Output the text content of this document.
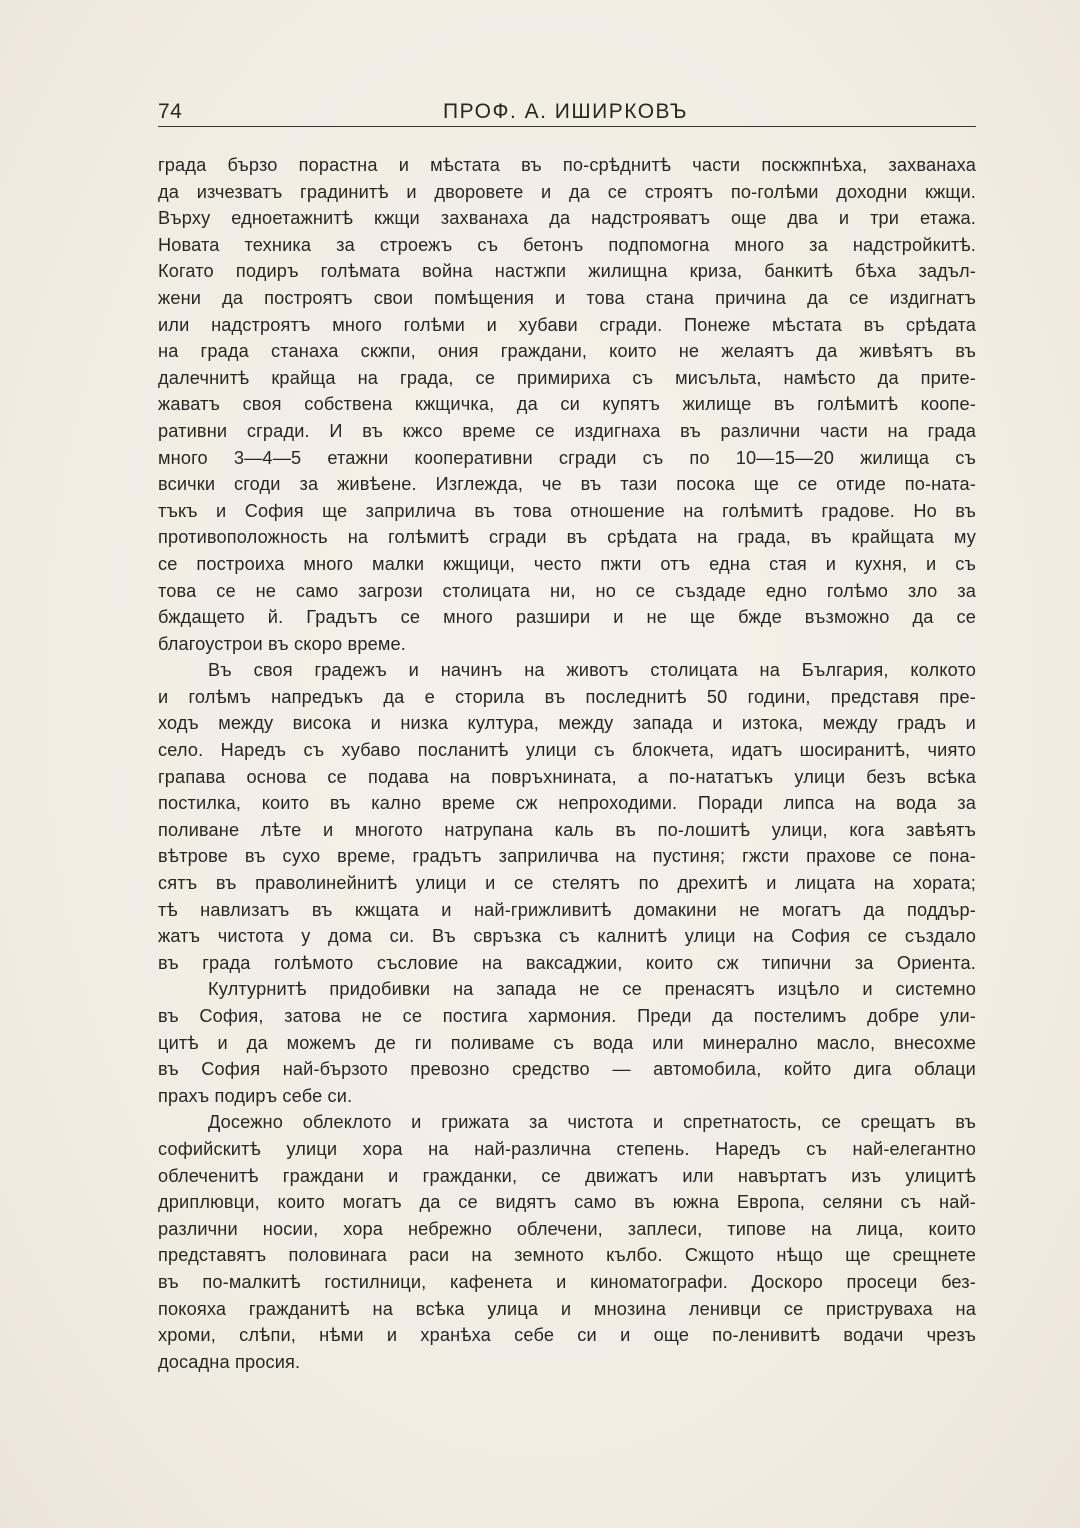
74	ПРОФ. А. ИШИРКОВЪ
града бързо порастна и мѣстата въ по-срѣднитѣ части поскжпнѣха, захванаха
да изчезватъ градинитѣ и дворовете и да се строятъ по-голѣми доходни кжщи.
Върху едноетажнитѣ кжщи захванаха да надстрояватъ още два и три етажа.
Новата техника за строежъ съ бетонъ подпомогна много за надстройкитѣ.
Когато подиръ голѣмата война настжпи жилищна криза, банкитѣ бѣха задъл-
жени да построятъ свои помѣщения и това стана причина да се издигнатъ
или надстроятъ много голѣми и хубави сгради. Понеже мѣстата въ срѣдата
на града станаха скжпи, ония граждани, които не желаятъ да живѣятъ въ
далечнитѣ крайща на града, се примириха съ мисъльта, намѣсто да прите-
жаватъ своя собствена кжщичка, да си купятъ жилище въ голѣмитѣ коопе-
ративни сгради. И въ кжсо време се издигнаха въ различни части на града
много 3—4—5 етажни кооперативни сгради съ по 10—15—20 жилища съ
всички сгоди за живѣене. Изглежда, че въ тази посока ще се отиде по-ната-
тъкъ и София ще заприлича въ това отношение на голѣмитѣ градове. Но въ
противоположность на голѣмитѣ сгради въ срѣдата на града, въ крайщата му
се построиха много малки кжщици, често пжти отъ една стая и кухня, и съ
това се не само загрози столицата ни, но се създаде едно голѣмо зло за
бждащето й. Градътъ се много разшири и не ще бжде възможно да се
благоустрои въ скоро време.
Въ своя градежъ и начинъ на животъ столицата на България, колкото
и голѣмъ напредъкъ да е сторила въ последнитѣ 50 години, представя пре-
ходъ между висока и низка култура, между запада и изтока, между градъ и
село. Наредъ съ хубаво посланитѣ улици съ блокчета, идатъ шосиранитѣ, чиято
грапава основа се подава на повръхнината, а по-нататъкъ улици безъ всѣка
постилка, които въ кално време сж непроходими. Поради липса на вода за
поливане лѣте и многото натрупана каль въ по-лошитѣ улици, кога завѣятъ
вѣтрове въ сухо време, градътъ заприличва на пустиня; гжсти прахове се пона-
сятъ въ праволинейнитѣ улици и се стелятъ по дрехитѣ и лицата на хората;
тѣ навлизатъ въ кжщата и най-грижливитѣ домакини не могатъ да поддър-
жатъ чистота у дома си. Въ свръзка съ калнитѣ улици на София се създало
въ града голѣмото съсловие на ваксаджии, които сж типични за Ориента.
Културнитѣ придобивки на запада не се пренасятъ изцѣло и системно
въ София, затова не се постига хармония. Преди да постелимъ добре ули-
цитѣ и да можемъ де ги поливаме съ вода или минерално масло, внесохме
въ София най-бързото превозно средство — автомобила, който дига облаци
прахъ подиръ себе си.
Досежно облеклото и грижата за чистота и спретнатость, се срещатъ въ
софийскитѣ улици хора на най-различна степень. Наредъ съ най-елегантно
облеченитѣ граждани и гражданки, се движатъ или навъртатъ изъ улицитѣ
дриплювци, които могатъ да се видятъ само въ южна Европа, селяни съ най-
различни носии, хора небрежно облечени, заплеси, типове на лица, които
представятъ половинага раси на земното кълбо. Сжщото нѣщо ще срещнете
въ по-малкитѣ гостилници, кафенета и киноматографи. Доскоро просеци без-
покояха гражданитѣ на всѣка улица и мнозина ленивци се приструваха на
хроми, слѣпи, нѣми и хранѣха себе си и още по-ленивитѣ водачи чрезъ
досадна просия.
